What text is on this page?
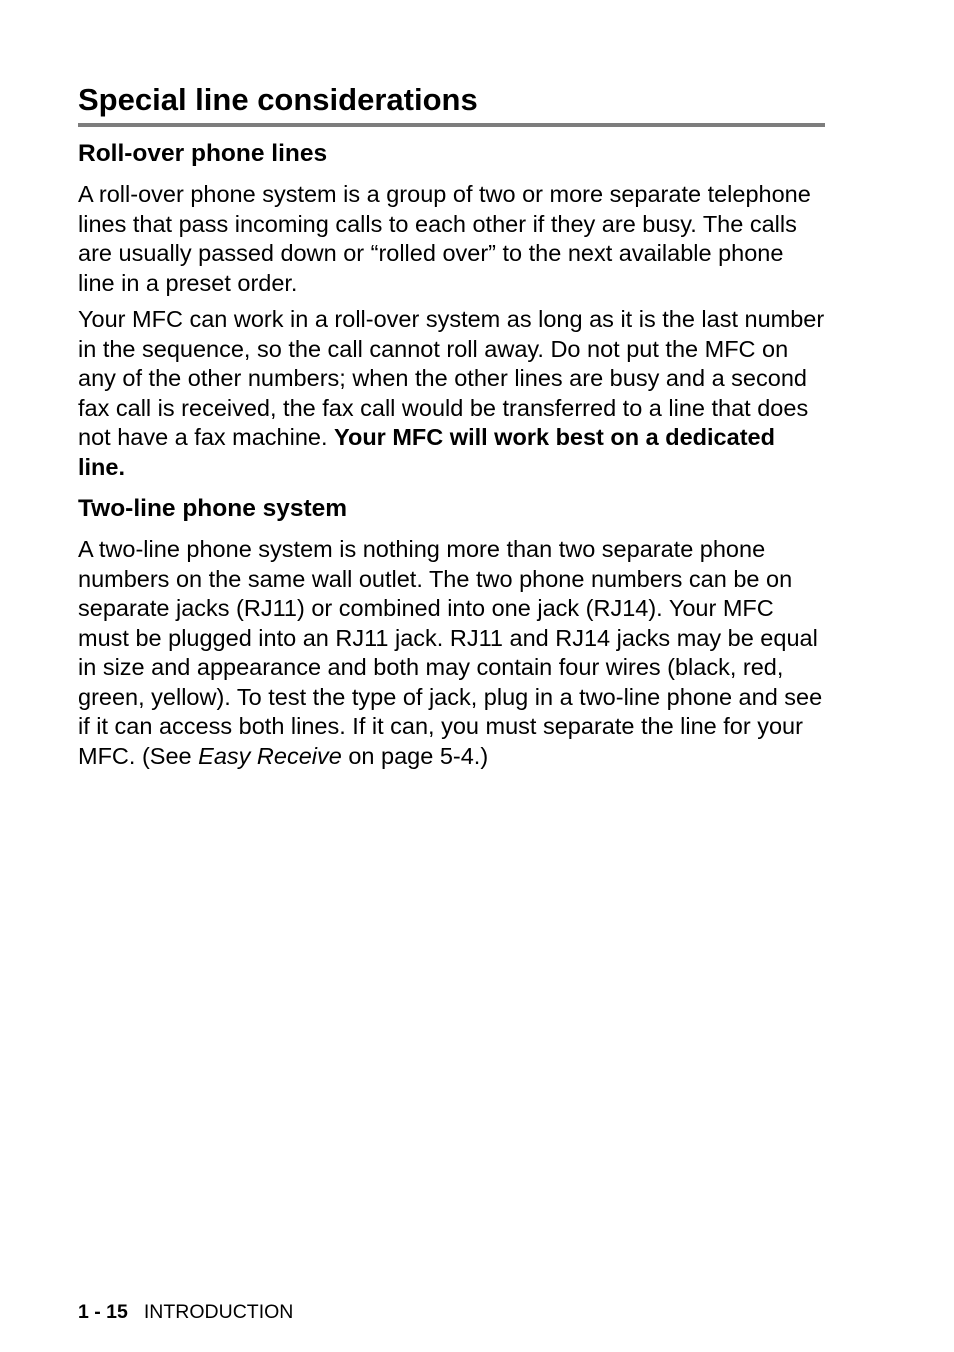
Special line considerations
Roll-over phone lines

A roll-over phone system is a group of two or more separate telephone lines that pass incoming calls to each other if they are busy. The calls are usually passed down or “rolled over” to the next available phone line in a preset order.

Your MFC can work in a roll-over system as long as it is the last number in the sequence, so the call cannot roll away. Do not put the MFC on any of the other numbers; when the other lines are busy and a second fax call is received, the fax call would be transferred to a line that does not have a fax machine. Your MFC will work best on a dedicated line.

Two-line phone system

A two-line phone system is nothing more than two separate phone numbers on the same wall outlet. The two phone numbers can be on separate jacks (RJ11) or combined into one jack (RJ14). Your MFC must be plugged into an RJ11 jack. RJ11 and RJ14 jacks may be equal in size and appearance and both may contain four wires (black, red, green, yellow). To test the type of jack, plug in a two-line phone and see if it can access both lines. If it can, you must separate the line for your MFC. (See Easy Receive on page 5-4.)

1 - 15 INTRODUCTION
